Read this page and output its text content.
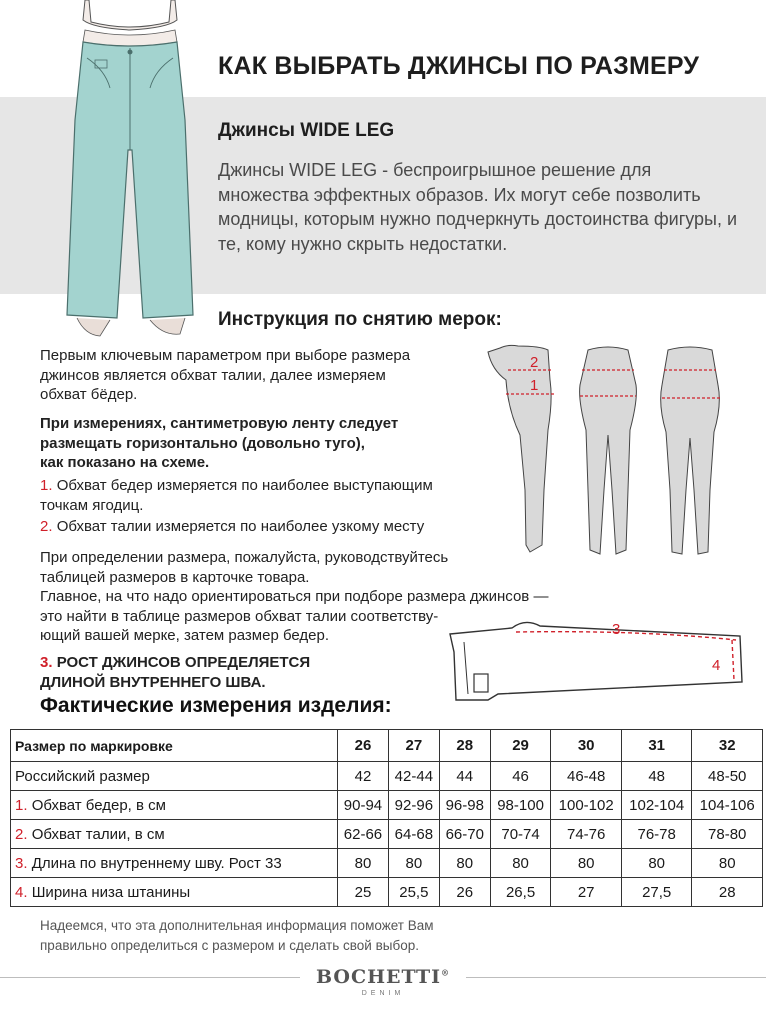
КАК ВЫБРАТЬ ДЖИНСЫ ПО РАЗМЕРУ
Джинсы WIDE LEG
Джинсы WIDE LEG - беспроигрышное решение для множества эффектных образов. Их могут себе позволить модницы, которым нужно подчеркнуть достоинства фигуры, и те, кому нужно скрыть недостатки.
Инструкция по снятию мерок:
Первым ключевым параметром при выборе размера
джинсов является обхват талии, далее измеряем
обхват бёдер.
При измерениях, сантиметровую ленту следует
размещать горизонтально (довольно туго),
как показано на схеме.
1. Обхват бедер измеряется по наиболее выступающим
точкам ягодиц.
2. Обхват талии измеряется по наиболее узкому месту
При определении размера, пожалуйста, руководствуйтесь
таблицей размеров в карточке товара.
Главное, на что надо ориентироваться при подборе размера джинсов —
это найти в таблице размеров обхват талии соответству-
ющий вашей мерке, затем размер бедер.
3. РОСТ ДЖИНСОВ ОПРЕДЕЛЯЕТСЯ
ДЛИНОЙ ВНУТРЕННЕГО ШВА.
2
1
3
4
Фактические измерения изделия:
Размер по маркировке	26	27	28	29	30	31	32
Российский размер	42	42-44	44	46	46-48	48	48-50
1. Обхват бедер, в см	90-94	92-96	96-98	98-100	100-102	102-104	104-106
2. Обхват талии, в см	62-66	64-68	66-70	70-74	74-76	76-78	78-80
3. Длина по внутреннему шву. Рост 33	80	80	80	80	80	80	80
4. Ширина низа штанины	25	25,5	26	26,5	27	27,5	28
Надеемся, что эта дополнительная информация поможет Вам
правильно определиться с размером и сделать свой выбор.
BOCHETTI®
DENIM
